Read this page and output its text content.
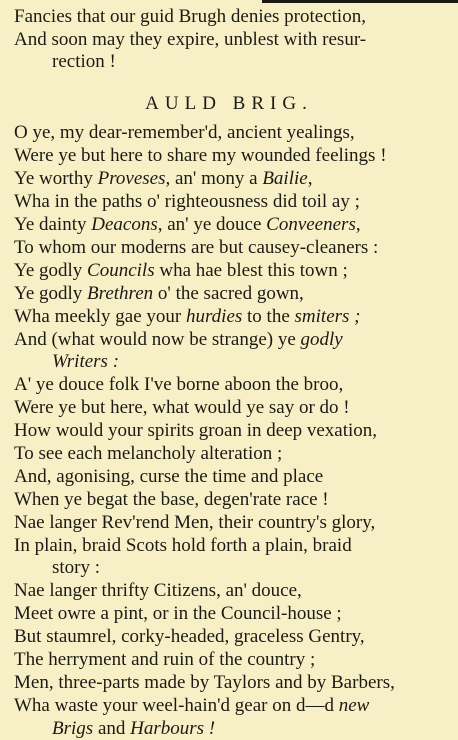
Fancies that our guid Brugh denies protection,
And soon may they expire, unblest with resur-
rection !
AULD BRIG.
O ye, my dear-remember'd, ancient yealings,
Were ye but here to share my wounded feelings !
Ye worthy Proveses, an' mony a Bailie,
Wha in the paths o' righteousness did toil ay ;
Ye dainty Deacons, an' ye douce Conveeners,
To whom our moderns are but causey-cleaners :
Ye godly Councils wha hae blest this town ;
Ye godly Brethren o' the sacred gown,
Wha meekly gae your hurdies to the smiters ;
And (what would now be strange) ye godly
Writers :
A' ye douce folk I've borne aboon the broo,
Were ye but here, what would ye say or do !
How would your spirits groan in deep vexation,
To see each melancholy alteration ;
And, agonising, curse the time and place
When ye begat the base, degen'rate race !
Nae langer Rev'rend Men, their country's glory,
In plain, braid Scots hold forth a plain, braid
story :
Nae langer thrifty Citizens, an' douce,
Meet owre a pint, or in the Council-house ;
But staumrel, corky-headed, graceless Gentry,
The herryment and ruin of the country ;
Men, three-parts made by Taylors and by Barbers,
Wha waste your weel-hain'd gear on d—d new
Brigs and Harbours !
